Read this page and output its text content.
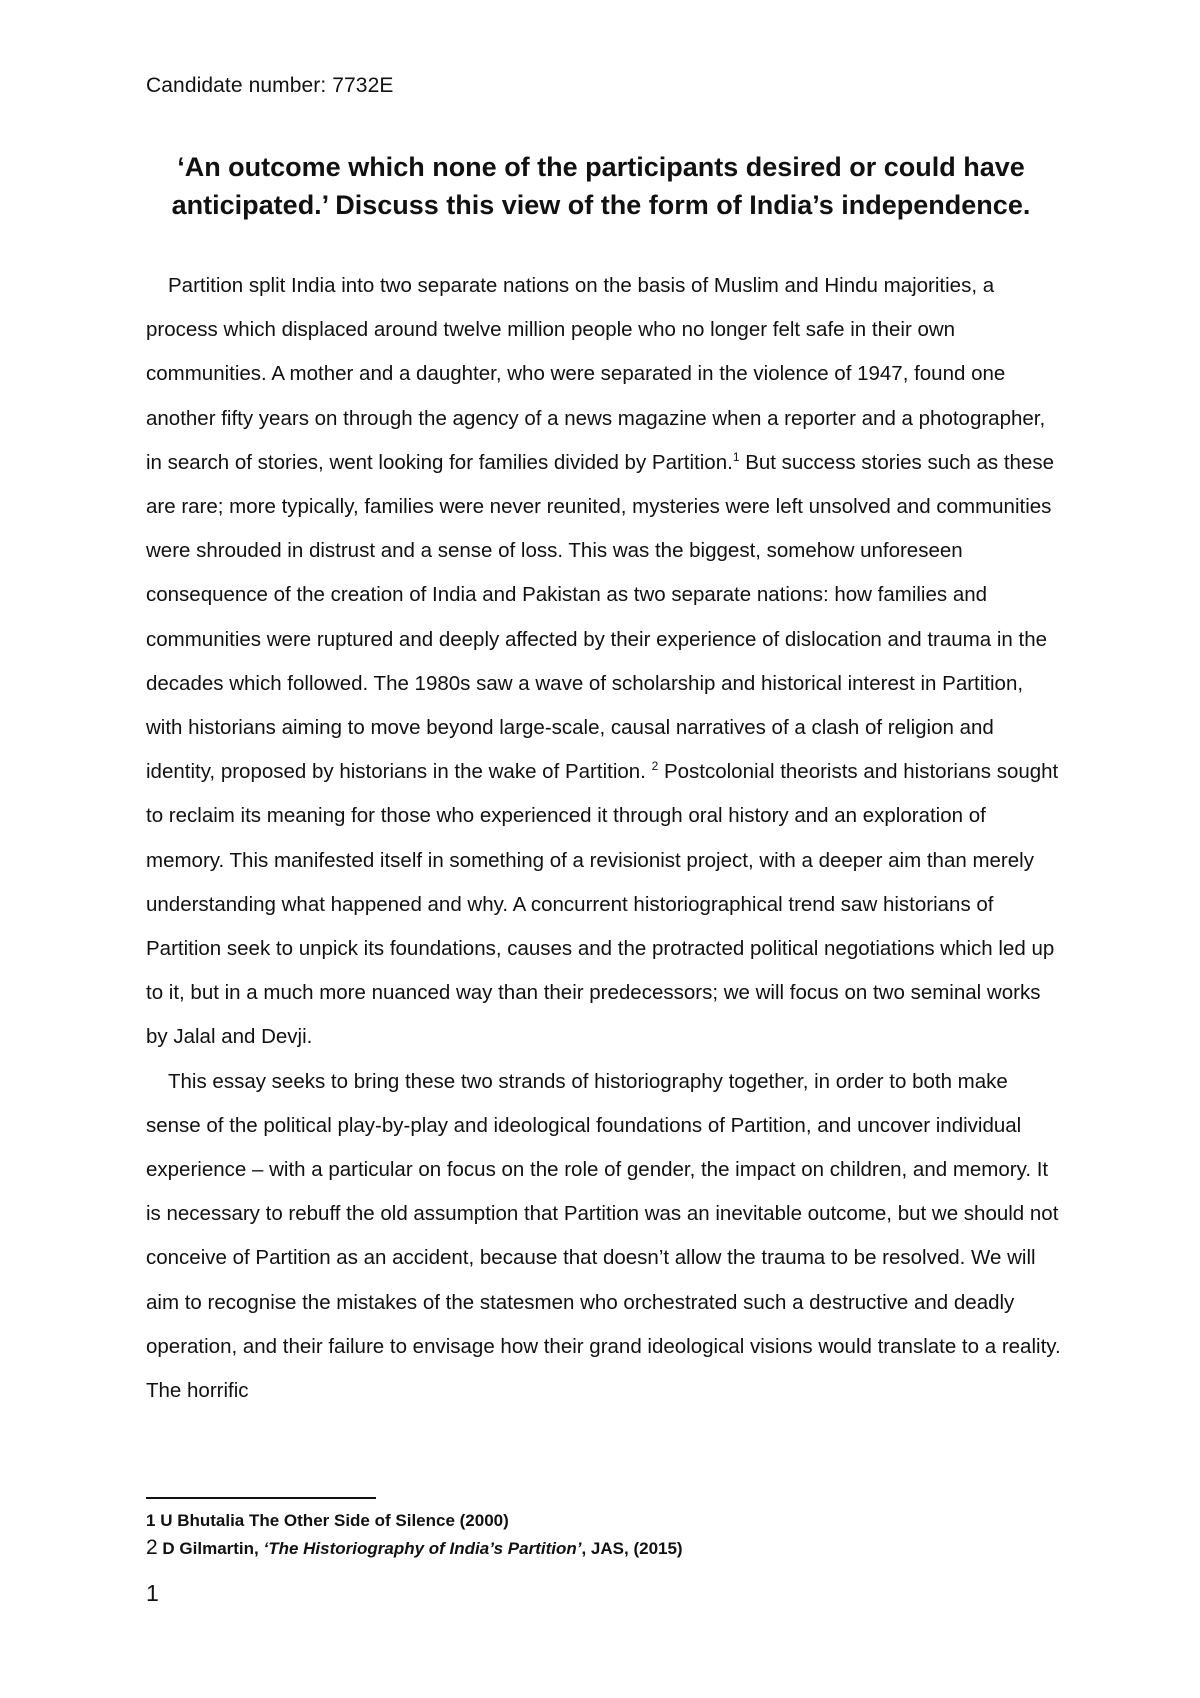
Candidate number: 7732E
‘An outcome which none of the participants desired or could have
anticipated.’ Discuss this view of the form of India’s independence.

Partition split India into two separate nations on the basis of Muslim and Hindu majorities, a process which displaced around twelve million people who no longer felt safe in their own communities. A mother and a daughter, who were separated in the violence of 1947, found one another fifty years on through the agency of a news magazine when a reporter and a photographer, in search of stories, went looking for families divided by Partition.$^1$ But success stories such as these are rare; more typically, families were never reunited, mysteries were left unsolved and communities were shrouded in distrust and a sense of loss. This was the biggest, somehow unforeseen consequence of the creation of India and Pakistan as two separate nations: how families and communities were ruptured and deeply affected by their experience of dislocation and trauma in the decades which followed. The 1980s saw a wave of scholarship and historical interest in Partition, with historians aiming to move beyond large-scale, causal narratives of a clash of religion and identity, proposed by historians in the wake of Partition. $^2$ Postcolonial theorists and historians sought to reclaim its meaning for those who experienced it through oral history and an exploration of memory. This manifested itself in something of a revisionist project, with a deeper aim than merely understanding what happened and why. A concurrent historiographical trend saw historians of Partition seek to unpick its foundations, causes and the protracted political negotiations which led up to it, but in a much more nuanced way than their predecessors; we will focus on two seminal works by Jalal and Devji.

This essay seeks to bring these two strands of historiography together, in order to both make sense of the political play-by-play and ideological foundations of Partition, and uncover individual experience – with a particular on focus on the role of gender, the impact on children, and memory. It is necessary to rebuff the old assumption that Partition was an inevitable outcome, but we should not conceive of Partition as an accident, because that doesn’t allow the trauma to be resolved. We will aim to recognise the mistakes of the statesmen who orchestrated such a destructive and deadly operation, and their failure to envisage how their grand ideological visions would translate to a reality. The horrific

1 U Bhutalia The Other Side of Silence (2000)
2 D Gilmartin, ‘The Historiography of India’s Partition’, JAS, (2015)
1
